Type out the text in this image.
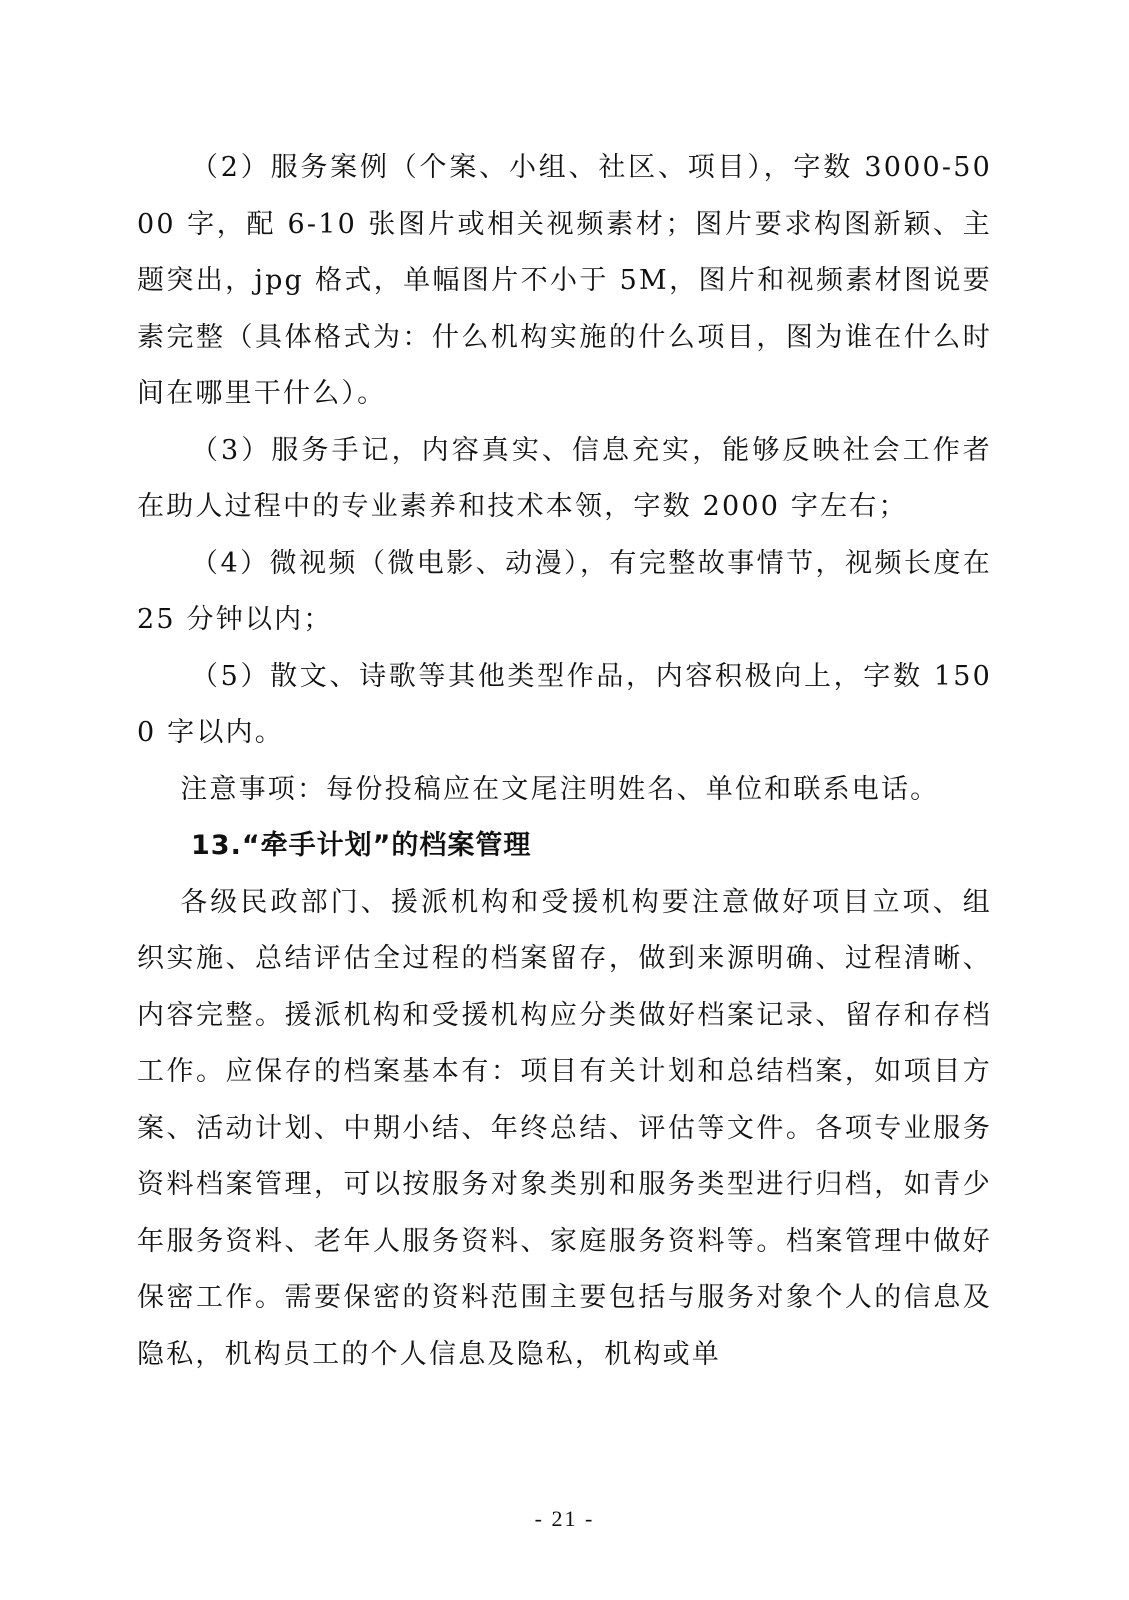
（2）服务案例（个案、小组、社区、项目），字数 3000-5000 字，配 6-10 张图片或相关视频素材；图片要求构图新颖、主题突出，jpg 格式，单幅图片不小于 5M，图片和视频素材图说要素完整（具体格式为：什么机构实施的什么项目，图为谁在什么时间在哪里干什么）。

（3）服务手记，内容真实、信息充实，能够反映社会工作者在助人过程中的专业素养和技术本领，字数 2000 字左右；

（4）微视频（微电影、动漫），有完整故事情节，视频长度在 25 分钟以内；

（5）散文、诗歌等其他类型作品，内容积极向上，字数 1500 字以内。

注意事项：每份投稿应在文尾注明姓名、单位和联系电话。

13.“牵手计划”的档案管理

各级民政部门、援派机构和受援机构要注意做好项目立项、组织实施、总结评估全过程的档案留存，做到来源明确、过程清晰、内容完整。援派机构和受援机构应分类做好档案记录、留存和存档工作。应保存的档案基本有：项目有关计划和总结档案，如项目方案、活动计划、中期小结、年终总结、评估等文件。各项专业服务资料档案管理，可以按服务对象类别和服务类型进行归档，如青少年服务资料、老年人服务资料、家庭服务资料等。档案管理中做好保密工作。需要保密的资料范围主要包括与服务对象个人的信息及隐私，机构员工的个人信息及隐私，机构或单

- 21 -
